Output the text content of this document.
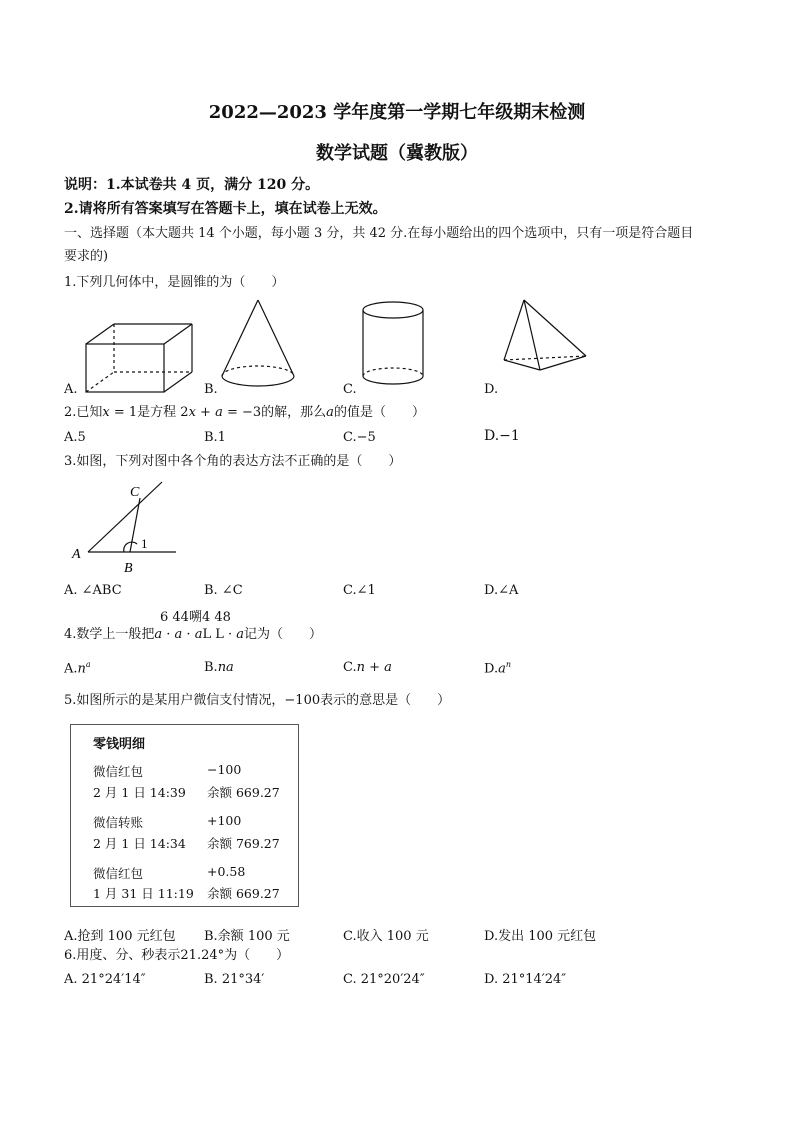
2022—2023 学年度第一学期七年级期末检测
数学试题（冀教版）
说明：1.本试卷共 4 页，满分 120 分。
2.请将所有答案填写在答题卡上，填在试卷上无效。
一、选择题（本大题共 14 个小题，每小题 3 分，共 42 分.在每小题给出的四个选项中，只有一项是符合题目
要求的)
1.下列几何体中，是圆锥的为（　　）
A.	B.	C.	D.
2.已知x = 1是方程 2x + a = −3的解，那么a的值是（　　）
A.5	B.1	C.−5	D.−1
3.如图，下列对图中各个角的表达方法不正确的是（　　）
A
B
C
1
A. ∠ABC	B. ∠C	C.∠1	D.∠A
6 44嗍4 48
4.数学上一般把a · a · aL L · a记为（　　）
$A.n^a$	B.na	C.n + a	$D.a^n$
5.如图所示的是某用户微信支付情况，−100表示的意思是（　　）
零钱明细
微信红包	−100
2 月 1 日 14:39 余额 669.27
微信转账	+100
2 月 1 日 14:34 余额 769.27
微信红包	+0.58
1 月 31 日 11:19 余额 669.27
A.抢到 100 元红包 B.余额 100 元	C.收入 100 元	D.发出 100 元红包
6.用度、分、秒表示21.24°为（　　）
A. 21°24′14″	B. 21°34′	C. 21°20′24″	D. 21°14′24″
